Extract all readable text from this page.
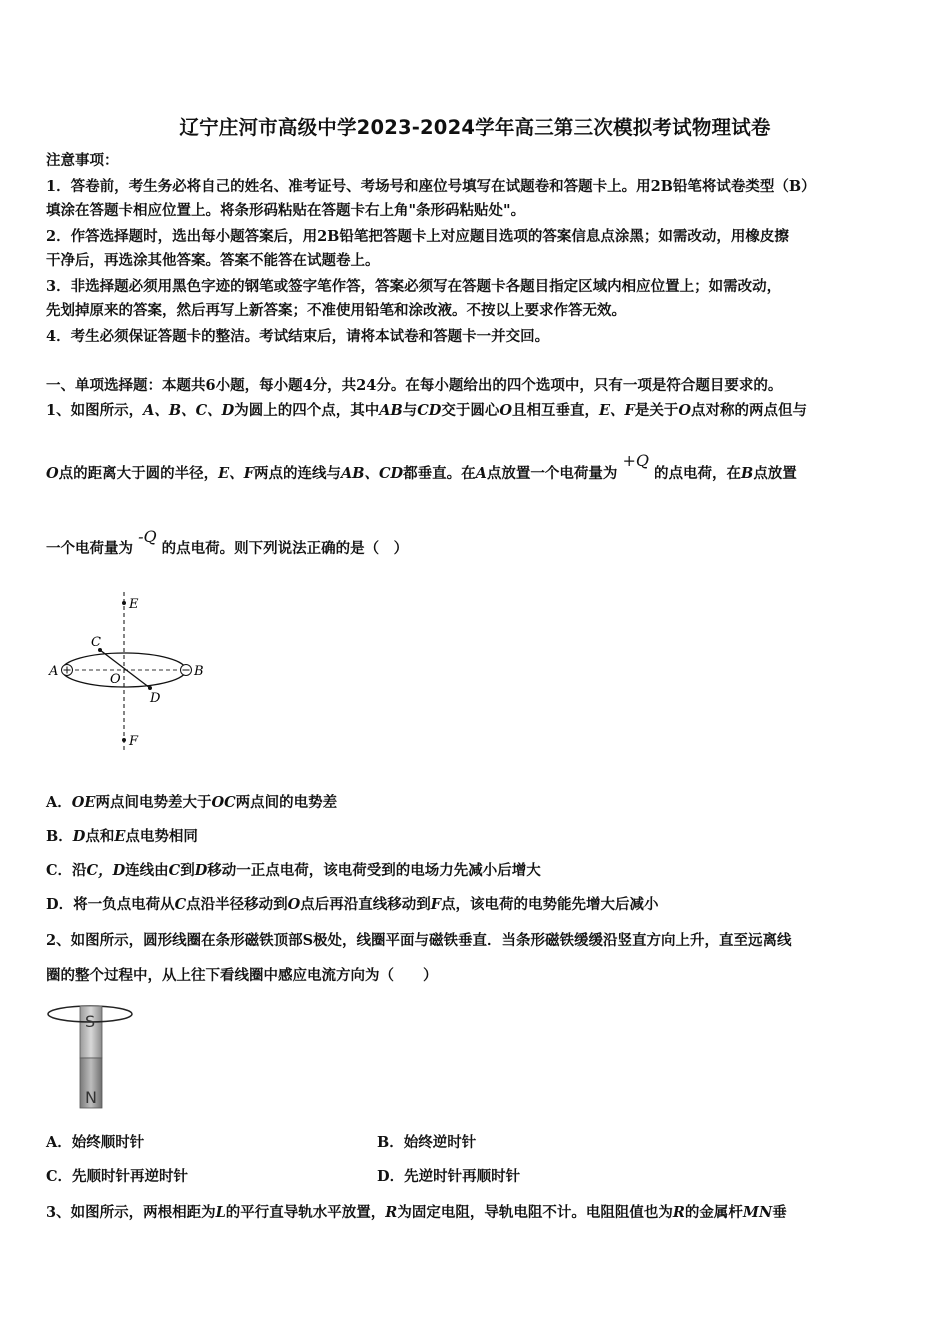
辽宁庄河市高级中学2023-2024学年高三第三次模拟考试物理试卷
注意事项：
1．答卷前，考生务必将自己的姓名、准考证号、考场号和座位号填写在试题卷和答题卡上。用2B铅笔将试卷类型（B）
填涂在答题卡相应位置上。将条形码粘贴在答题卡右上角"条形码粘贴处"。
2．作答选择题时，选出每小题答案后，用2B铅笔把答题卡上对应题目选项的答案信息点涂黑；如需改动，用橡皮擦
干净后，再选涂其他答案。答案不能答在试题卷上。
3．非选择题必须用黑色字迹的钢笔或签字笔作答，答案必须写在答题卡各题目指定区域内相应位置上；如需改动，
先划掉原来的答案，然后再写上新答案；不准使用铅笔和涂改液。不按以上要求作答无效。
4．考生必须保证答题卡的整洁。考试结束后，请将本试卷和答题卡一并交回。
一、单项选择题：本题共6小题，每小题4分，共24分。在每小题给出的四个选项中，只有一项是符合题目要求的。
1、如图所示，A、B、C、D为圆上的四个点，其中AB与CD交于圆心O且相互垂直，E、F是关于O点对称的两点但与
O点的距离大于圆的半径，E、F两点的连线与AB、CD都垂直。在A点放置一个电荷量为 +Q 的点电荷，在B点放置
一个电荷量为 -Q 的点电荷。则下列说法正确的是（　）
E
C
A
O
B
D
F
A．OE两点间电势差大于OC两点间的电势差
B．D点和E点电势相同
C．沿C，D连线由C到D移动一正点电荷，该电荷受到的电场力先减小后增大
D．将一负点电荷从C点沿半径移动到O点后再沿直线移动到F点，该电荷的电势能先增大后减小
2、如图所示，圆形线圈在条形磁铁顶部S极处，线圈平面与磁铁垂直．当条形磁铁缓缓沿竖直方向上升，直至远离线
圈的整个过程中，从上往下看线圈中感应电流方向为（　　）
S
N
A．始终顺时针	B．始终逆时针
C．先顺时针再逆时针	D．先逆时针再顺时针
3、如图所示，两根相距为L的平行直导轨水平放置，R为固定电阻，导轨电阻不计。电阻阻值也为R的金属杆MN垂
